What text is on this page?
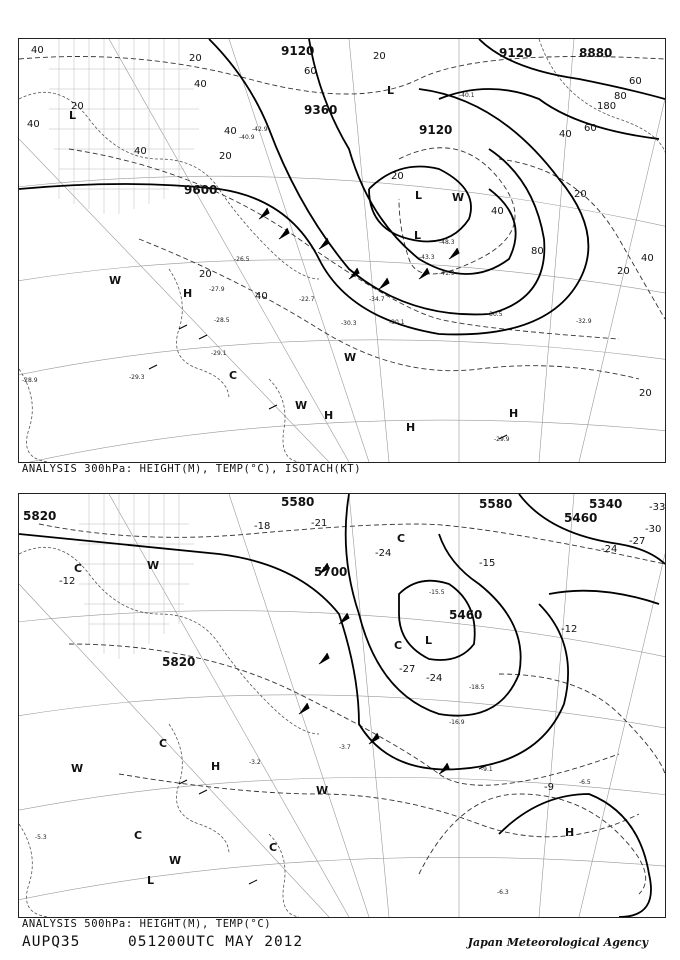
9120	9120
9120
8880
9360
9600
40
20
40
20
60
40
20
40
20
40
20
60
80
180
60
40
20
40
80
40
20
40
20
20
-42.9
-48.3
-40.9
-41.9
-43.3
-34.7
-30.5
-30.3	-30.1
-27.9
-22.7
-28.5
-29.1
-29.3
-32.9
-40.1
-29.9
-28.9
-26.5
L
L
L
L
W
W
W
W
H
H
H
H
C
ANALYSIS 300hPa: HEIGHT(M), TEMP(°C), ISOTACH(KT)
5820
5580	5340
5460
5700
5580
5460
5820
-12
-18	-21
-24
-27
-30
-33
-15
-24
-27
-24
-12
-9
-15.5
-18.5
-16.9
-9.1
-6.5
-6.3
-3.7
-5.3
-3.2
C
C
C
C
C
C
W
W
W
W
L
L
H
H
ANALYSIS 500hPa: HEIGHT(M), TEMP(°C)
AUPQ35	051200UTC MAY 2012	Japan Meteorological Agency
